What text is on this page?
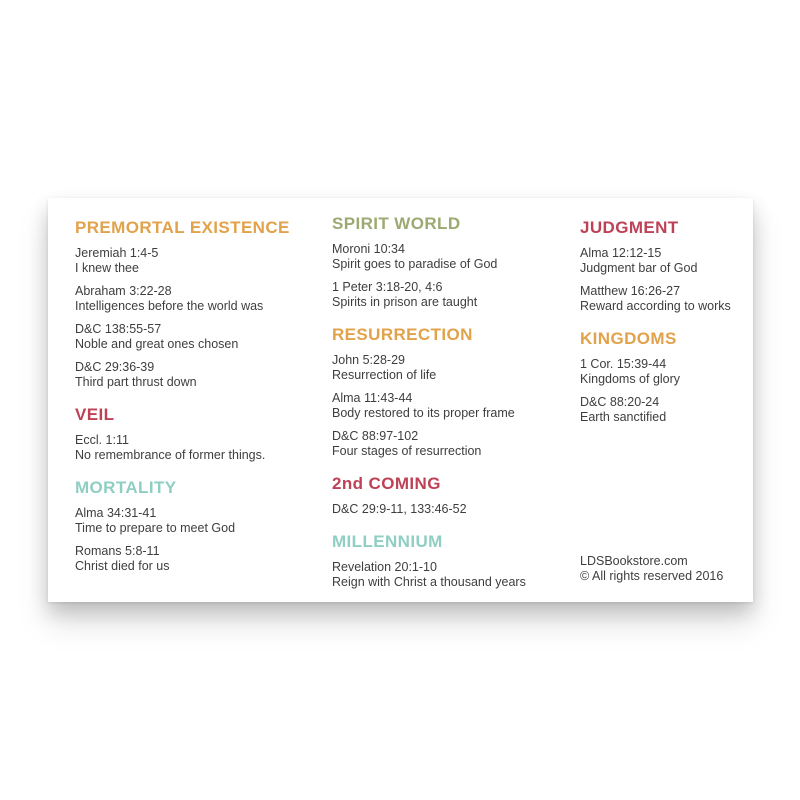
PREMORTAL EXISTENCE
Jeremiah 1:4-5
I knew thee
Abraham 3:22-28
Intelligences before the world was
D&C 138:55-57
Noble and great ones chosen
D&C 29:36-39
Third part thrust down
VEIL
Eccl. 1:11
No remembrance of former things.
MORTALITY
Alma 34:31-41
Time to prepare to meet God
Romans 5:8-11
Christ died for us
SPIRIT WORLD
Moroni 10:34
Spirit goes to paradise of God
1 Peter 3:18-20, 4:6
Spirits in prison are taught
RESURRECTION
John 5:28-29
Resurrection of life
Alma 11:43-44
Body restored to its proper frame
D&C 88:97-102
Four stages of resurrection
2nd COMING
D&C 29:9-11, 133:46-52
MILLENNIUM
Revelation 20:1-10
Reign with Christ a thousand years
JUDGMENT
Alma 12:12-15
Judgment bar of God
Matthew 16:26-27
Reward according to works
KINGDOMS
1 Cor. 15:39-44
Kingdoms of glory
D&C 88:20-24
Earth sanctified
LDSBookstore.com
© All rights reserved 2016
